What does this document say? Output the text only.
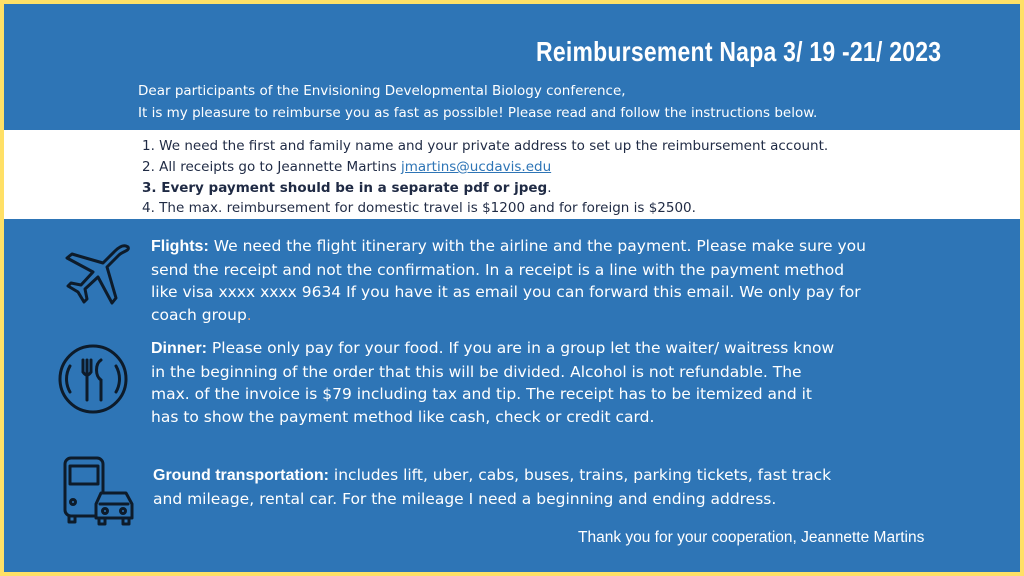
Reimbursement Napa 3/ 19 -21/ 2023
Dear participants of the Envisioning Developmental Biology conference,
It is my pleasure to reimburse you as fast as possible! Please read and follow the instructions below.
1. We need the first and family name and your private address to set up the reimbursement account.
2. All receipts go to Jeannette Martins jmartins@ucdavis.edu
3. Every payment should be in a separate pdf or jpeg.
4. The max. reimbursement for domestic travel is $1200 and for foreign is $2500.
Flights: We need the flight itinerary with the airline and the payment. Please make sure you send the receipt and not the confirmation. In a receipt is a line with the payment method like visa xxxx xxxx 9634 If you have it as email you can forward this email. We only pay for coach group.
Dinner: Please only pay for your food. If you are in a group let the waiter/ waitress know in the beginning of the order that this will be divided. Alcohol is not refundable. The max. of the invoice is $79 including tax and tip. The receipt has to be itemized and it has to show the payment method like cash, check or credit card.
Ground transportation: includes lift, uber, cabs, buses, trains, parking tickets, fast track and mileage, rental car. For the mileage I need a beginning and ending address.
Thank you for your cooperation, Jeannette Martins
